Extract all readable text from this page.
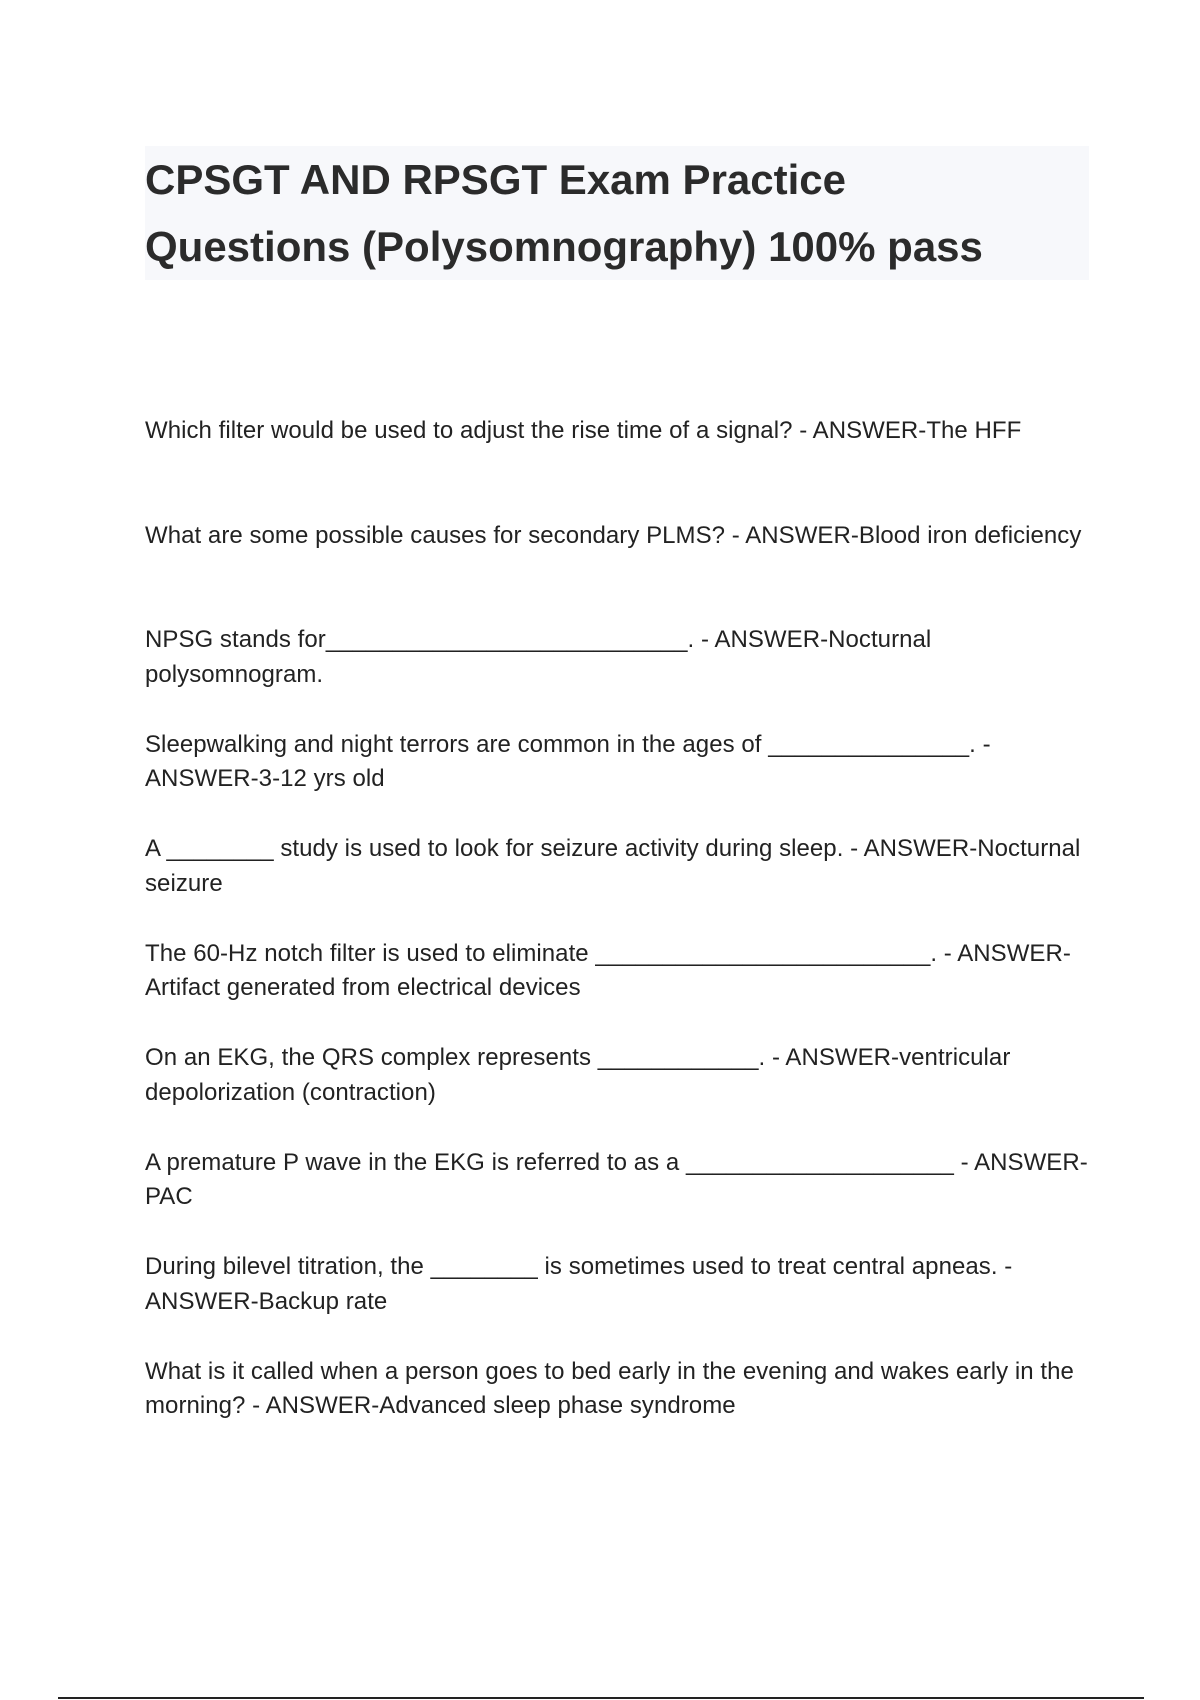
CPSGT AND RPSGT Exam Practice
Questions (Polysomnography) 100% pass

Which filter would be used to adjust the rise time of a signal? - ANSWER-The HFF

What are some possible causes for secondary PLMS? - ANSWER-Blood iron deficiency

NPSG stands for___________________________. - ANSWER-Nocturnal polysomnogram.

Sleepwalking and night terrors are common in the ages of _______________. - ANSWER-3-12 yrs old

A ________ study is used to look for seizure activity during sleep. - ANSWER-Nocturnal seizure

The 60-Hz notch filter is used to eliminate _________________________. - ANSWER-Artifact generated from electrical devices

On an EKG, the QRS complex represents ____________. - ANSWER-ventricular depolorization (contraction)

A premature P wave in the EKG is referred to as a ____________________ - ANSWER-PAC

During bilevel titration, the ________ is sometimes used to treat central apneas. - ANSWER-Backup rate

What is it called when a person goes to bed early in the evening and wakes early in the morning? - ANSWER-Advanced sleep phase syndrome
